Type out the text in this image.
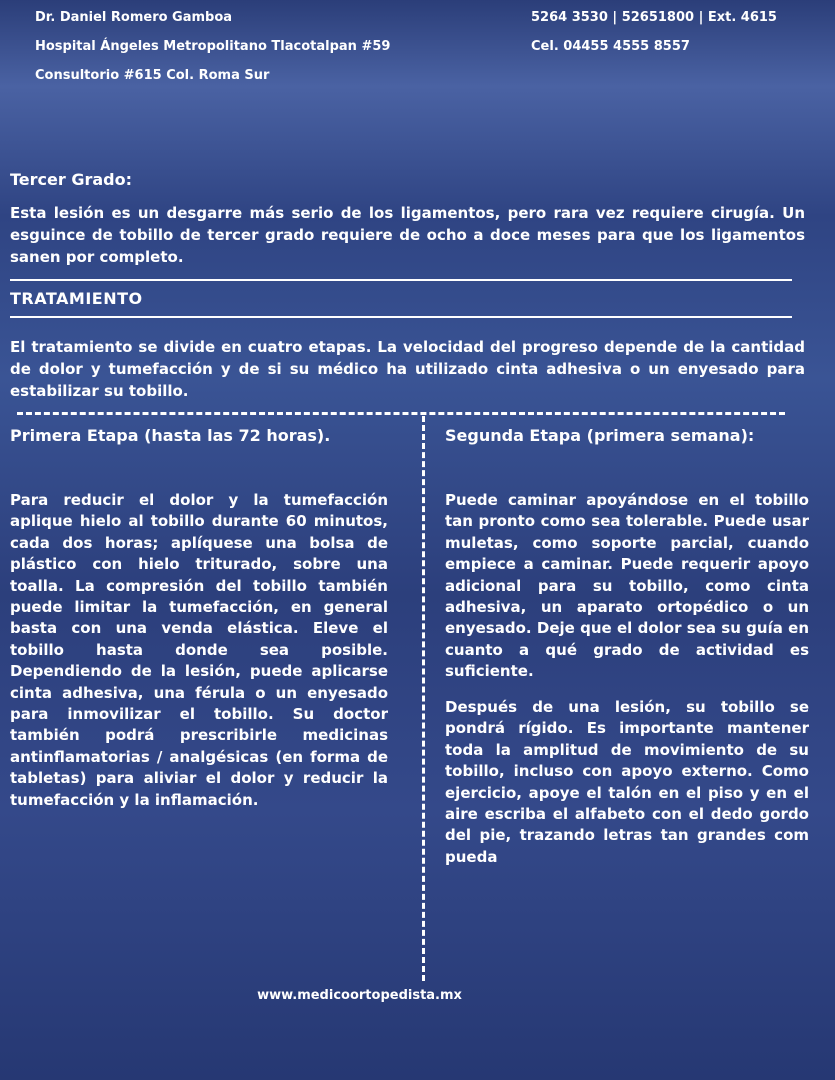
Dr. Daniel Romero Gamboa
Hospital Ángeles Metropolitano Tlacotalpan #59
Consultorio #615 Col. Roma Sur
5264 3530 | 52651800 | Ext. 4615
Cel. 04455 4555 8557
Tercer Grado:
Esta lesión es un desgarre más serio de los ligamentos, pero rara vez requiere cirugía. Un esguince de tobillo de tercer grado requiere de ocho a doce meses para que los ligamentos sanen por completo.
TRATAMIENTO
El tratamiento se divide en cuatro etapas. La velocidad del progreso depende de la cantidad de dolor y tumefacción y de si su médico ha utilizado cinta adhesiva o un enyesado para estabilizar su tobillo.
Primera Etapa (hasta las 72 horas).	Segunda Etapa (primera semana):

Para reducir el dolor y la tumefacción aplique hielo al tobillo durante 60 minutos, cada dos horas; aplíquese una bolsa de plástico con hielo triturado, sobre una toalla. La compresión del tobillo también puede limitar la tumefacción, en general basta con una venda elástica. Eleve el tobillo hasta donde sea posible. Dependiendo de la lesión, puede aplicarse cinta adhesiva, una férula o un enyesado para inmovilizar el tobillo. Su doctor también podrá prescribirle medicinas antinflamatorias / analgésicas (en forma de tabletas) para aliviar el dolor y reducir la tumefacción y la inflamación.

Puede caminar apoyándose en el tobillo tan pronto como sea tolerable. Puede usar muletas, como soporte parcial, cuando empiece a caminar. Puede requerir apoyo adicional para su tobillo, como cinta adhesiva, un aparato ortopédico o un enyesado. Deje que el dolor sea su guía en cuanto a qué grado de actividad es suficiente.

Después de una lesión, su tobillo se pondrá rígido. Es importante mantener toda la amplitud de movimiento de su tobillo, incluso con apoyo externo. Como ejercicio, apoye el talón en el piso y en el aire escriba el alfabeto con el dedo gordo del pie, trazando letras tan grandes com pueda

www.medicoortopedista.mx
